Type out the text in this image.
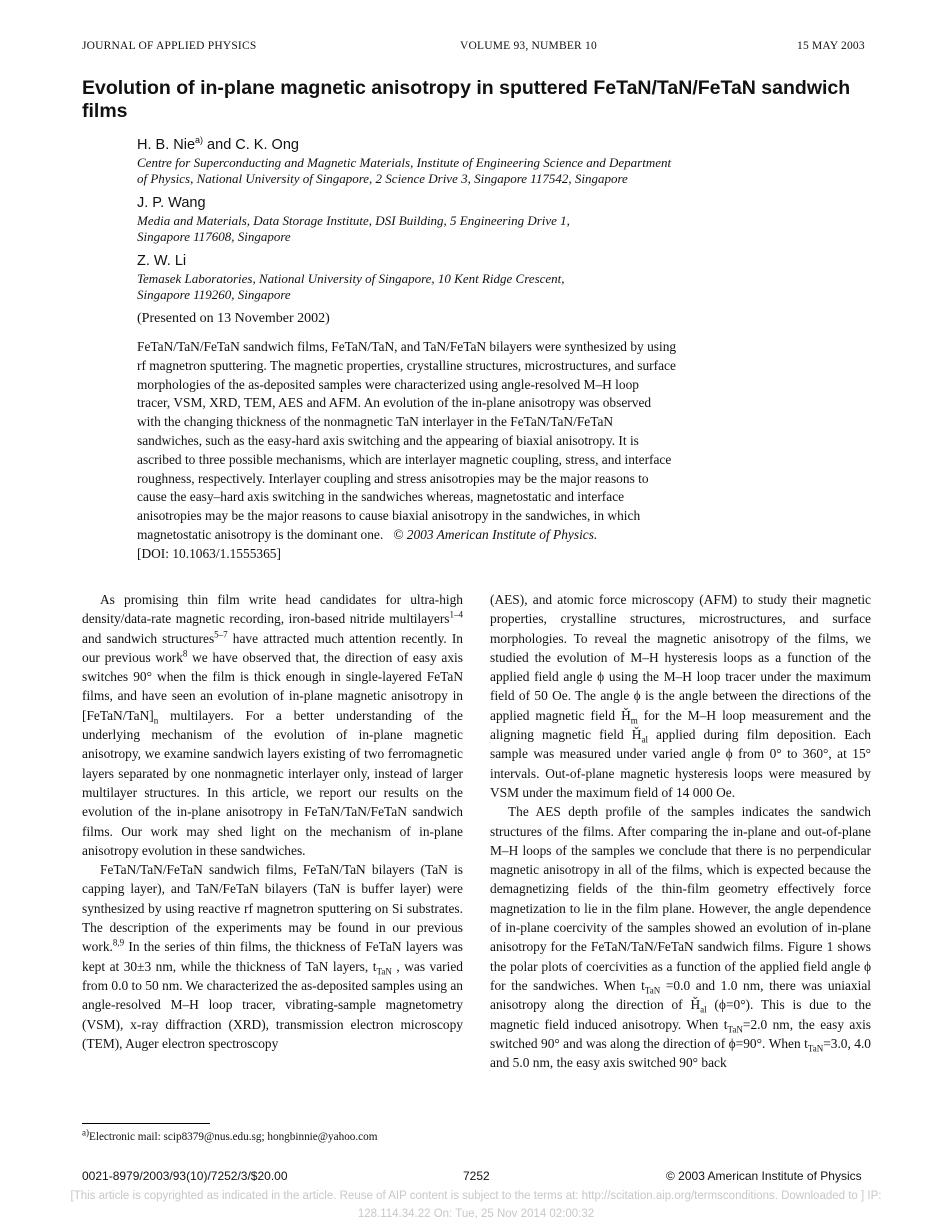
JOURNAL OF APPLIED PHYSICS	VOLUME 93, NUMBER 10	15 MAY 2003
Evolution of in-plane magnetic anisotropy in sputtered FeTaN/TaN/FeTaN sandwich films
H. B. Nie$^{a)}$ and C. K. Ong
Centre for Superconducting and Magnetic Materials, Institute of Engineering Science and Department
of Physics, National University of Singapore, 2 Science Drive 3, Singapore 117542, Singapore
J. P. Wang
Media and Materials, Data Storage Institute, DSI Building, 5 Engineering Drive 1,
Singapore 117608, Singapore
Z. W. Li
Temasek Laboratories, National University of Singapore, 10 Kent Ridge Crescent,
Singapore 119260, Singapore
(Presented on 13 November 2002)
FeTaN/TaN/FeTaN sandwich films, FeTaN/TaN, and TaN/FeTaN bilayers were synthesized by using
rf magnetron sputtering. The magnetic properties, crystalline structures, microstructures, and surface
morphologies of the as-deposited samples were characterized using angle-resolved M–H loop
tracer, VSM, XRD, TEM, AES and AFM. An evolution of the in-plane anisotropy was observed
with the changing thickness of the nonmagnetic TaN interlayer in the FeTaN/TaN/FeTaN
sandwiches, such as the easy-hard axis switching and the appearing of biaxial anisotropy. It is
ascribed to three possible mechanisms, which are interlayer magnetic coupling, stress, and interface
roughness, respectively. Interlayer coupling and stress anisotropies may be the major reasons to
cause the easy–hard axis switching in the sandwiches whereas, magnetostatic and interface
anisotropies may be the major reasons to cause biaxial anisotropy in the sandwiches, in which
magnetostatic anisotropy is the dominant one. © 2003 American Institute of Physics.
[DOI: 10.1063/1.1555365]

As promising thin film write head candidates for ultra-high density/data-rate magnetic recording, iron-based nitride multilayers$^{1-4}$ and sandwich structures$^{5-7}$ have attracted much attention recently. In our previous work$^8$ we have observed that, the direction of easy axis switches 90° when the film is thick enough in single-layered FeTaN films, and have seen an evolution of in-plane magnetic anisotropy in $[FeTaN/TaN]_n$ multilayers. For a better understanding of the underlying mechanism of the evolution of in-plane magnetic anisotropy, we examine sandwich layers existing of two ferromagnetic layers separated by one nonmagnetic interlayer only, instead of larger multilayer structures. In this article, we report our results on the evolution of the in-plane anisotropy in FeTaN/TaN/FeTaN sandwich films. Our work may shed light on the mechanism of in-plane anisotropy evolution in these sandwiches.

FeTaN/TaN/FeTaN sandwich films, FeTaN/TaN bilayers (TaN is capping layer), and TaN/FeTaN bilayers (TaN is buffer layer) were synthesized by using reactive rf magnetron sputtering on Si substrates. The description of the experiments may be found in our previous work.$^{8,9}$ In the series of thin films, the thickness of FeTaN layers was kept at 30±3 nm, while the thickness of TaN layers, $t_{TaN}$ , was varied from 0.0 to 50 nm. We characterized the as-deposited samples using an angle-resolved M–H loop tracer, vibrating-sample magnetometry (VSM), x-ray diffraction (XRD), transmission electron microscopy (TEM), Auger electron spectroscopy

(AES), and atomic force microscopy (AFM) to study their magnetic properties, crystalline structures, microstructures, and surface morphologies. To reveal the magnetic anisotropy of the films, we studied the evolution of M–H hysteresis loops as a function of the applied field angle ϕ using the M–H loop tracer under the maximum field of 50 Oe. The angle ϕ is the angle between the directions of the applied magnetic field $Ȟ_m$ for the M–H loop measurement and the aligning magnetic field $Ȟ_{al}$ applied during film deposition. Each sample was measured under varied angle ϕ from 0° to 360°, at 15° intervals. Out-of-plane magnetic hysteresis loops were measured by VSM under the maximum field of 14 000 Oe.

The AES depth profile of the samples indicates the sandwich structures of the films. After comparing the in-plane and out-of-plane M–H loops of the samples we conclude that there is no perpendicular magnetic anisotropy in all of the films, which is expected because the demagnetizing fields of the thin-film geometry effectively force magnetization to lie in the film plane. However, the angle dependence of in-plane coercivity of the samples showed an evolution of in-plane anisotropy for the FeTaN/TaN/FeTaN sandwich films. Figure 1 shows the polar plots of coercivities as a function of the applied field angle ϕ for the sandwiches. When $t_{TaN} =0.0$ and 1.0 nm, there was uniaxial anisotropy along the direction of $Ȟ_{al}$ (ϕ=0°). This is due to the magnetic field induced anisotropy. When $t_{TaN}=2.0$ nm, the easy axis switched 90° and was along the direction of ϕ=90°. When $t_{TaN}=3.0$, 4.0 and 5.0 nm, the easy axis switched 90° back

$^{a)}$Electronic mail: scip8379@nus.edu.sg; hongbinnie@yahoo.com
0021-8979/2003/93(10)/7252/3/$20.00	7252	© 2003 American Institute of Physics
[This article is copyrighted as indicated in the article. Reuse of AIP content is subject to the terms at: http://scitation.aip.org/termsconditions. Downloaded to ] IP:
128.114.34.22 On: Tue, 25 Nov 2014 02:00:32
